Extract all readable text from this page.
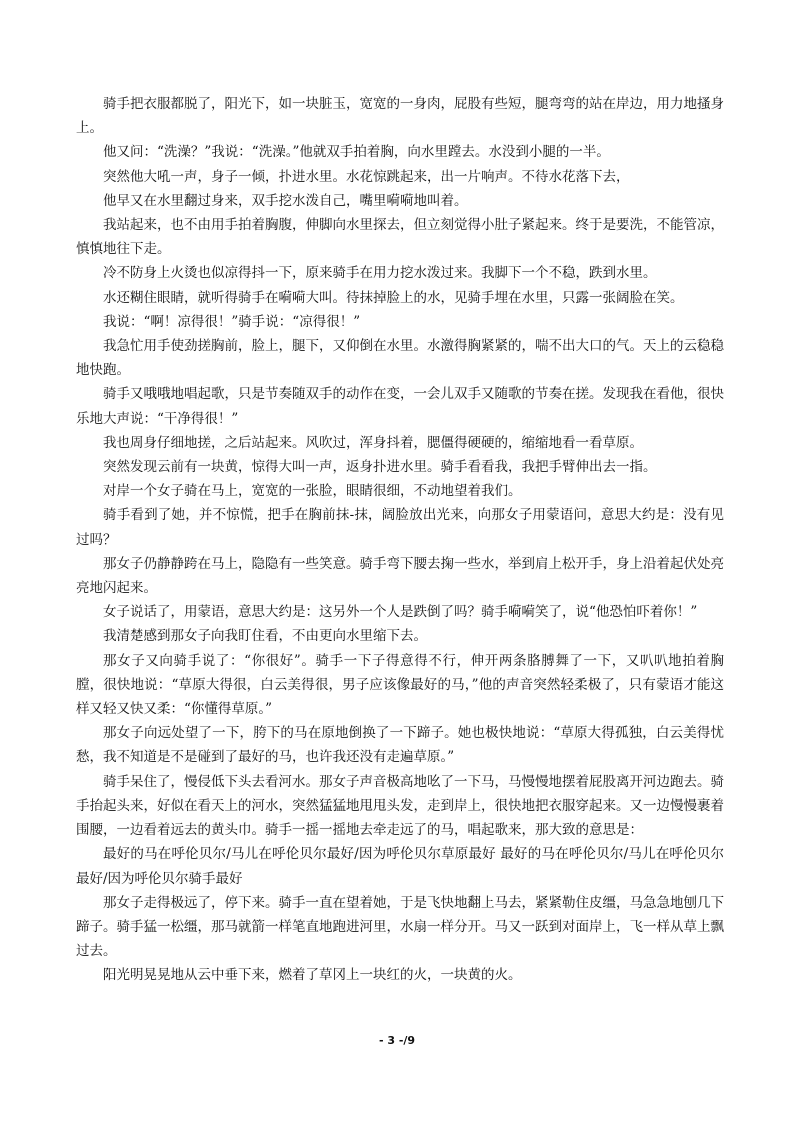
骑手把衣服都脱了，阳光下，如一块脏玉，宽宽的一身肉，屁股有些短，腿弯弯的站在岸边，用力地搔身上。

他又问：“洗澡？”我说：“洗澡。”他就双手拍着胸，向水里蹚去。水没到小腿的一半。

突然他大吼一声，身子一倾，扑进水里。水花惊跳起来，出一片响声。不待水花落下去，

他早又在水里翻过身来，双手挖水泼自己，嘴里嗬嗬地叫着。

我站起来，也不由用手拍着胸腹，伸脚向水里探去，但立刻觉得小肚子紧起来。终于是要洗，不能管凉，慎慎地往下走。

冷不防身上火烫也似凉得抖一下，原来骑手在用力挖水泼过来。我脚下一个不稳，跌到水里。

水还糊住眼睛，就听得骑手在嗬嗬大叫。待抹掉脸上的水，见骑手埋在水里，只露一张阔脸在笑。

我说：“啊！凉得很！”骑手说：“凉得很！”

我急忙用手使劲搓胸前，脸上，腿下，又仰倒在水里。水激得胸紧紧的，喘不出大口的气。天上的云稳稳地快跑。

骑手又哦哦地唱起歌，只是节奏随双手的动作在变，一会儿双手又随歌的节奏在搓。发现我在看他，很快乐地大声说：“干净得很！”

我也周身仔细地搓，之后站起来。风吹过，浑身抖着，腮僵得硬硬的，缩缩地看一看草原。

突然发现云前有一块黄，惊得大叫一声，返身扑进水里。骑手看看我，我把手臂伸出去一指。

对岸一个女子骑在马上，宽宽的一张脸，眼睛很细，不动地望着我们。

骑手看到了她，并不惊慌，把手在胸前抹-抹，阔脸放出光来，向那女子用蒙语问，意思大约是：没有见过吗？

那女子仍静静跨在马上，隐隐有一些笑意。骑手弯下腰去掬一些水，举到肩上松开手，身上沿着起伏处亮亮地闪起来。

女子说话了，用蒙语，意思大约是：这另外一个人是跌倒了吗？骑手嗬嗬笑了，说“他恐怕吓着你！”

我清楚感到那女子向我盯住看，不由更向水里缩下去。

那女子又向骑手说了：“你很好”。骑手一下子得意得不行，伸开两条胳膊舞了一下，又叭叭地拍着胸膛，很快地说：“草原大得很，白云美得很，男子应该像最好的马，”他的声音突然轻柔极了，只有蒙语才能这样又轻又快又柔：“你懂得草原。”

那女子向远处望了一下，胯下的马在原地倒换了一下蹄子。她也极快地说：“草原大得孤独，白云美得忧愁，我不知道是不是碰到了最好的马，也许我还没有走遍草原。”

骑手呆住了，慢侵低下头去看河水。那女子声音极高地吆了一下马，马慢慢地摆着屁股离开河边跑去。骑手抬起头来，好似在看天上的河水，突然猛猛地甩甩头发，走到岸上，很快地把衣服穿起来。又一边慢慢裹着围腰，一边看着远去的黄头巾。骑手一摇一摇地去牵走远了的马，唱起歌来，那大致的意思是：

最好的马在呼伦贝尔/马儿在呼伦贝尔最好/因为呼伦贝尔草原最好 最好的马在呼伦贝尔/马儿在呼伦贝尔最好/因为呼伦贝尔骑手最好

那女子走得极远了，停下来。骑手一直在望着她，于是飞快地翻上马去，紧紧勒住皮缰，马急急地刨几下蹄子。骑手猛一松缰，那马就箭一样笔直地跑进河里，水扇一样分开。马又一跃到对面岸上，飞一样从草上飘过去。

阳光明晃晃地从云中垂下来，燃着了草冈上一块红的火，一块黄的火。

- 3 -/9
